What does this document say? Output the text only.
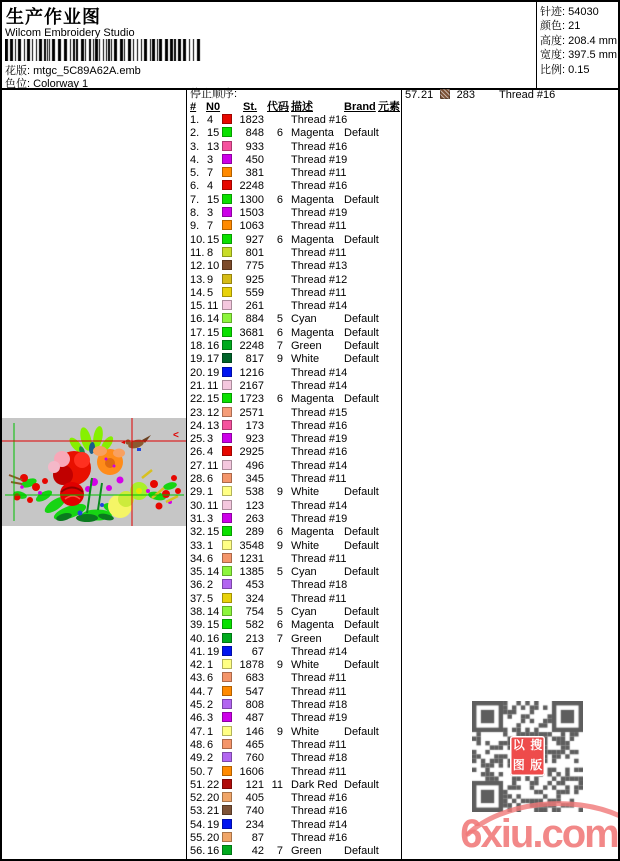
生产作业图
Wilcom Embroidery Studio
花版: mtgc_5C89A62A.emb
色位: Colorway 1
针迹: 54030
颜色: 21
高度: 208.4 mm
宽度: 397.5 mm
比例: 0.15
<
停止顺序:
# N0 St. 代码 描述	Brand 元素
1. 4	1823 Thread #16
2. 15	848	6 Magenta Default
3. 13	933 Thread #16
4. 3	450 Thread #19
5. 7	381 Thread #11
6. 4	2248 Thread #16
7. 15	1300	6 Magenta Default
8. 3	1503 Thread #19
9. 7	1063 Thread #11
10. 15	927	6 Magenta Default
11. 8	801 Thread #11
12. 10	775 Thread #13
13. 9	925 Thread #12
14. 5	559 Thread #11
15. 11	261 Thread #14
16. 14	884	5 Cyan Default
17. 15	3681	6 Magenta Default
18. 16	2248	7 Green Default
19. 17	817	9 White Default
20. 19	1216 Thread #14
21. 11	2167 Thread #14
22. 15	1723	6 Magenta Default
23. 12	2571 Thread #15
24. 13	173 Thread #16
25. 3	923 Thread #19
26. 4	2925 Thread #16
27. 11	496 Thread #14
28. 6	345 Thread #11
29. 1	538	9 White Default
30. 11	123 Thread #14
31. 3	263 Thread #19
32. 15	289	6 Magenta Default
33. 1	3548	9 White Default
34. 6	1231 Thread #11
35. 14	1385	5 Cyan Default
36. 2	453 Thread #18
37. 5	324 Thread #11
38. 14	754	5 Cyan Default
39. 15	582	6 Magenta Default
40. 16	213	7 Green Default
41. 19	67 Thread #14
42. 1	1878	9 White Default
43. 6	683 Thread #11
44. 7	547 Thread #11
45. 2	808 Thread #18
46. 3	487 Thread #19
47. 1	146	9 White Default
48. 6	465 Thread #11
49. 2	760 Thread #18
50. 7	1606 Thread #11
51. 22	121 11 Dark Red Default
52. 20	405 Thread #16
53. 21	740 Thread #16
54. 19	234 Thread #14
55. 20	87 Thread #16
56. 16	42	7 Green Default
57. 21	283 Thread #16
以 搜
图 版
6xiu.com
